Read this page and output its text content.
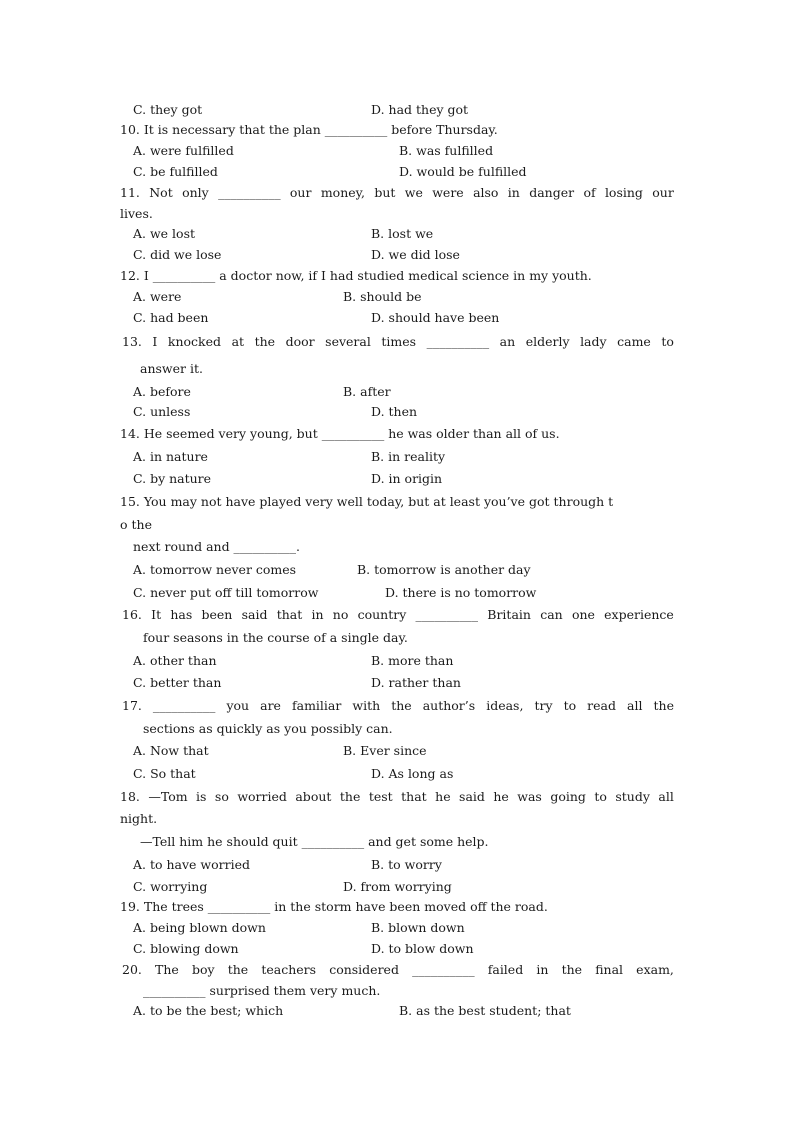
C. they got	D. had they got
10. It is necessary that the plan __________ before Thursday.
A. were fulfilled	B. was fulfilled
C. be fulfilled	D. would be fulfilled
11. Not only __________ our money, but we were also in danger of losing our
lives.
A. we lost	B. lost we
C. did we lose	D. we did lose
12. I __________ a doctor now, if I had studied medical science in my youth.
A. were	B. should be
C. had been	D. should have been
13. I knocked at the door several times __________ an elderly lady came to
answer it.
A. before	B. after
C. unless	D. then
14. He seemed very young, but __________ he was older than all of us.
A. in nature	B. in reality
C. by nature	D. in origin
15. You may not have played very well today, but at least you’ve got through t
o the
next round and __________.
A. tomorrow never comes	B. tomorrow is another day
C. never put off till tomorrow	D. there is no tomorrow
16. It has been said that in no country __________ Britain can one experience
four seasons in the course of a single day.
A. other than	B. more than
C. better than	D. rather than
17. __________ you are familiar with the author’s ideas, try to read all the
sections as quickly as you possibly can.
A. Now that	B. Ever since
C. So that	D. As long as
18. —Tom is so worried about the test that he said he was going to study all
night.
—Tell him he should quit __________ and get some help.
A. to have worried	B. to worry
C. worrying	D. from worrying
19. The trees __________ in the storm have been moved off the road.
A. being blown down	B. blown down
C. blowing down	D. to blow down
20. The boy the teachers considered __________ failed in the final exam,
__________ surprised them very much.
A. to be the best; which	B. as the best student; that
